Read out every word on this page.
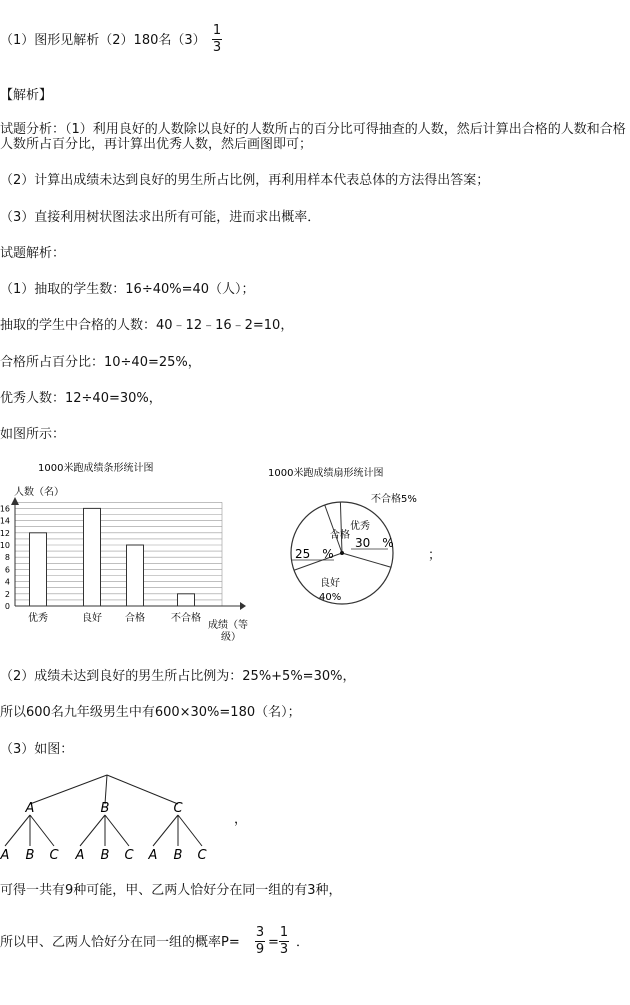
（1）图形见解析（2）180名（3）
1
3
【解析】
试题分析：（1）利用良好的人数除以良好的人数所占的百分比可得抽查的人数，然后计算出合格的人数和合格人数所占百分比，再计算出优秀人数，然后画图即可；
（2）计算出成绩未达到良好的男生所占比例，再利用样本代表总体的方法得出答案；
（3）直接利用树状图法求出所有可能，进而求出概率．
试题解析：
（1）抽取的学生数：16÷40%=40（人）；
抽取的学生中合格的人数：40﹣12﹣16﹣2=10，
合格所占百分比：10÷40=25%，
优秀人数：12÷40=30%，
如图所示：
1000米跑成绩条形统计图
人数（名）
0
2
4
6
8
10
12
14
16
优秀	良好 合格	不合格
成绩（等
级）
1000米跑成绩扇形统计图
不合格5%
优秀
30　%
合格
25　%
良好
40%
；
（2）成绩未达到良好的男生所占比例为：25%+5%=30%，
所以600名九年级男生中有600×30%=180（名）；
（3）如图：
A
A B C
B
A B C
C
A B C
，
可得一共有9种可能，甲、乙两人恰好分在同一组的有3种，
所以甲、乙两人恰好分在同一组的概率P=
3
9 =
1
3 ．
